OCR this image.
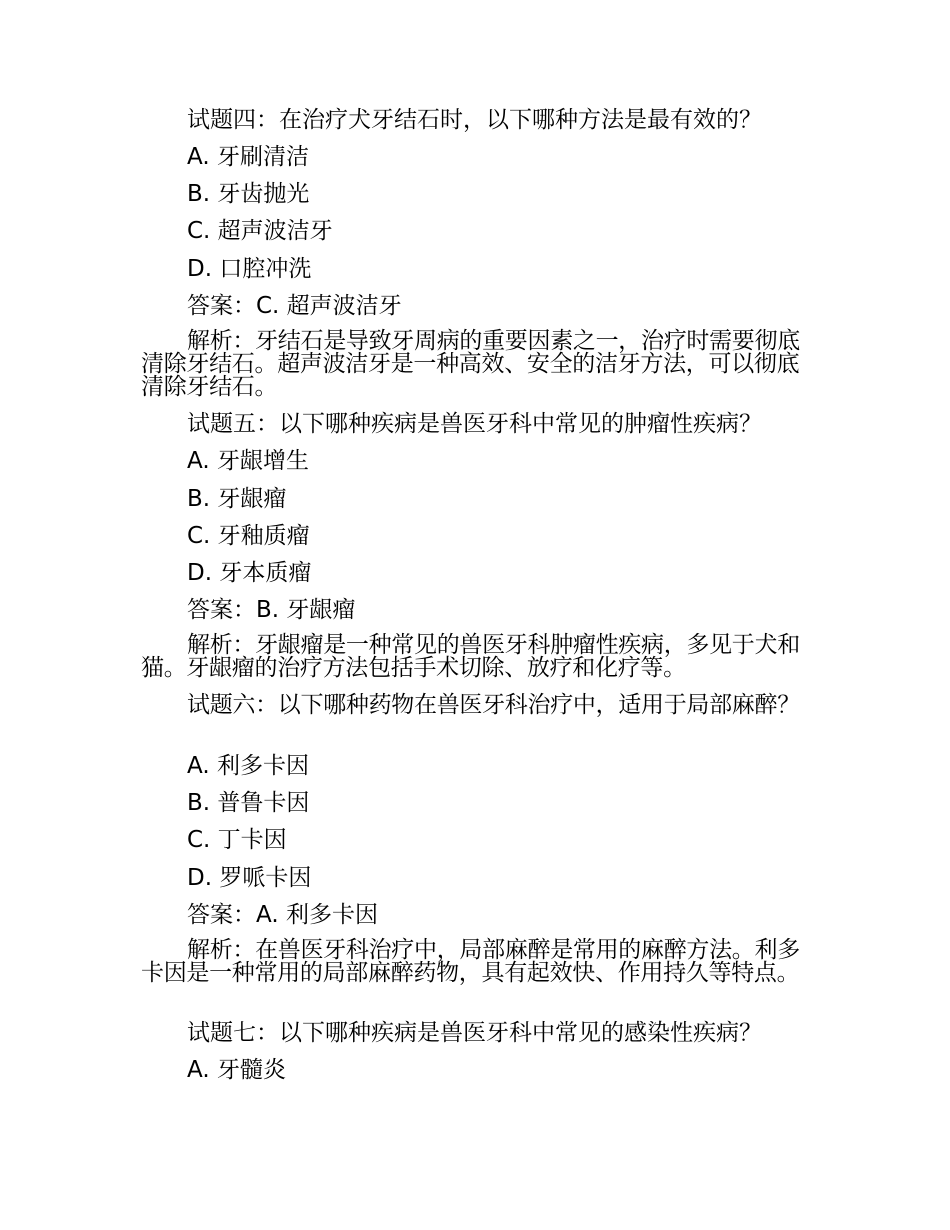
试题四：在治疗犬牙结石时，以下哪种方法是最有效的？
A. 牙刷清洁
B. 牙齿抛光
C. 超声波洁牙
D. 口腔冲洗
答案：C. 超声波洁牙
解析：牙结石是导致牙周病的重要因素之一，治疗时需要彻底清除牙结石。超声波洁牙是一种高效、安全的洁牙方法，可以彻底清除牙结石。
试题五：以下哪种疾病是兽医牙科中常见的肿瘤性疾病？
A. 牙龈增生
B. 牙龈瘤
C. 牙釉质瘤
D. 牙本质瘤
答案：B. 牙龈瘤
解析：牙龈瘤是一种常见的兽医牙科肿瘤性疾病，多见于犬和猫。牙龈瘤的治疗方法包括手术切除、放疗和化疗等。
试题六：以下哪种药物在兽医牙科治疗中，适用于局部麻醉？
A. 利多卡因
B. 普鲁卡因
C. 丁卡因
D. 罗哌卡因
答案：A. 利多卡因
解析：在兽医牙科治疗中，局部麻醉是常用的麻醉方法。利多卡因是一种常用的局部麻醉药物，具有起效快、作用持久等特点。
试题七：以下哪种疾病是兽医牙科中常见的感染性疾病？
A. 牙髓炎
